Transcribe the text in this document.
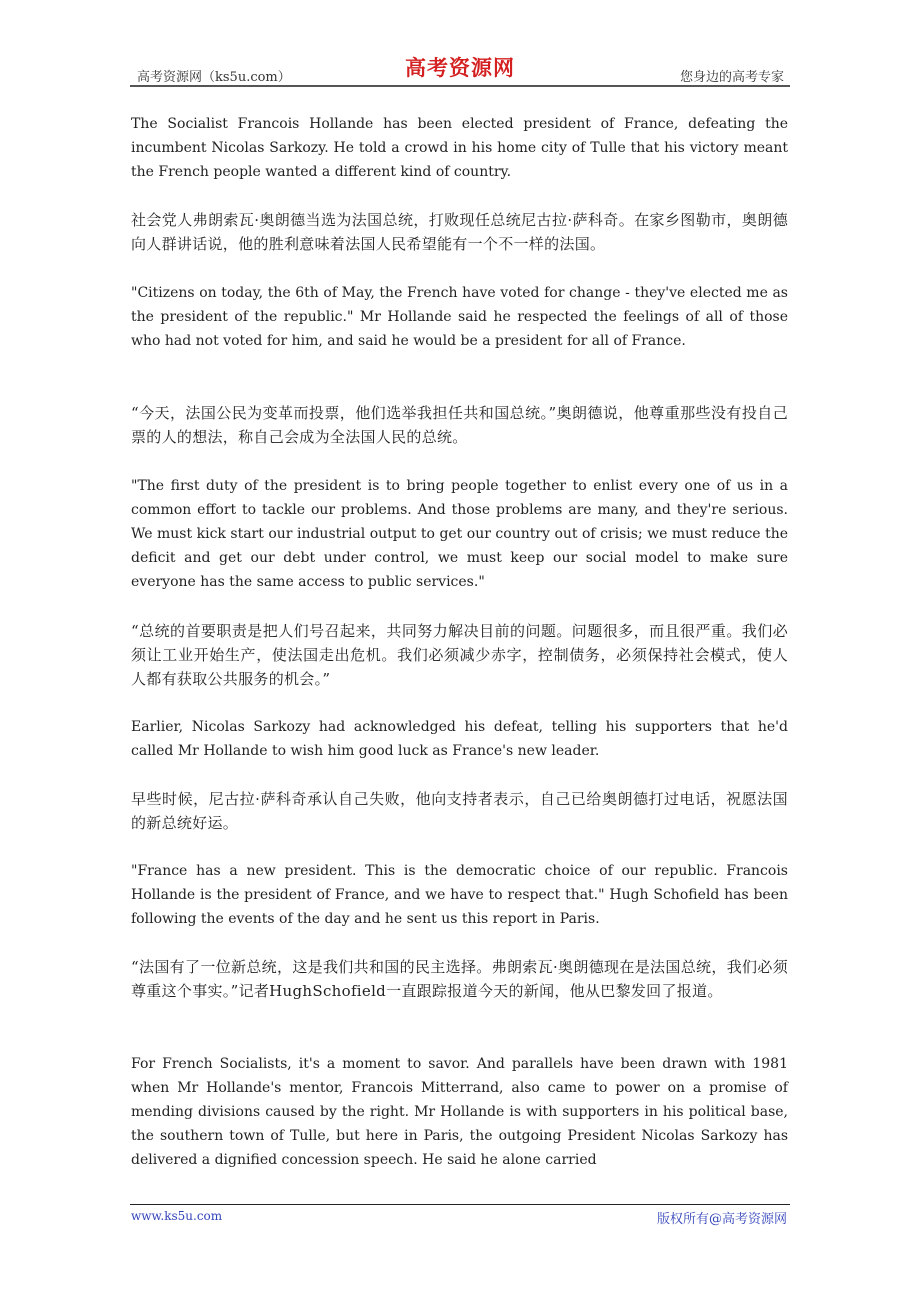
高考资源网（ks5u.com）	高考资源网	您身边的高考专家

The Socialist Francois Hollande has been elected president of France, defeating the incumbent Nicolas Sarkozy. He told a crowd in his home city of Tulle that his victory meant the French people wanted a different kind of country.

社会党人弗朗索瓦·奥朗德当选为法国总统，打败现任总统尼古拉·萨科奇。在家乡图勒市，奥朗德向人群讲话说，他的胜利意味着法国人民希望能有一个不一样的法国。

"Citizens on today, the 6th of May, the French have voted for change - they've elected me as the president of the republic." Mr Hollande said he respected the feelings of all of those who had not voted for him, and said he would be a president for all of France.

“今天，法国公民为变革而投票，他们选举我担任共和国总统。”奥朗德说，他尊重那些没有投自己票的人的想法，称自己会成为全法国人民的总统。

"The first duty of the president is to bring people together to enlist every one of us in a common effort to tackle our problems. And those problems are many, and they're serious. We must kick start our industrial output to get our country out of crisis; we must reduce the deficit and get our debt under control, we must keep our social model to make sure everyone has the same access to public services."

“总统的首要职责是把人们号召起来，共同努力解决目前的问题。问题很多，而且很严重。我们必须让工业开始生产，使法国走出危机。我们必须减少赤字，控制债务，必须保持社会模式，使人人都有获取公共服务的机会。”

Earlier, Nicolas Sarkozy had acknowledged his defeat, telling his supporters that he'd called Mr Hollande to wish him good luck as France's new leader.

早些时候，尼古拉·萨科奇承认自己失败，他向支持者表示，自己已给奥朗德打过电话，祝愿法国的新总统好运。

"France has a new president. This is the democratic choice of our republic. Francois Hollande is the president of France, and we have to respect that." Hugh Schofield has been following the events of the day and he sent us this report in Paris.

“法国有了一位新总统，这是我们共和国的民主选择。弗朗索瓦·奥朗德现在是法国总统，我们必须尊重这个事实。”记者HughSchofield一直跟踪报道今天的新闻，他从巴黎发回了报道。

For French Socialists, it's a moment to savor. And parallels have been drawn with 1981 when Mr Hollande's mentor, Francois Mitterrand, also came to power on a promise of mending divisions caused by the right. Mr Hollande is with supporters in his political base, the southern town of Tulle, but here in Paris, the outgoing President Nicolas Sarkozy has delivered a dignified concession speech. He said he alone carried

www.ks5u.com	版权所有@高考资源网
